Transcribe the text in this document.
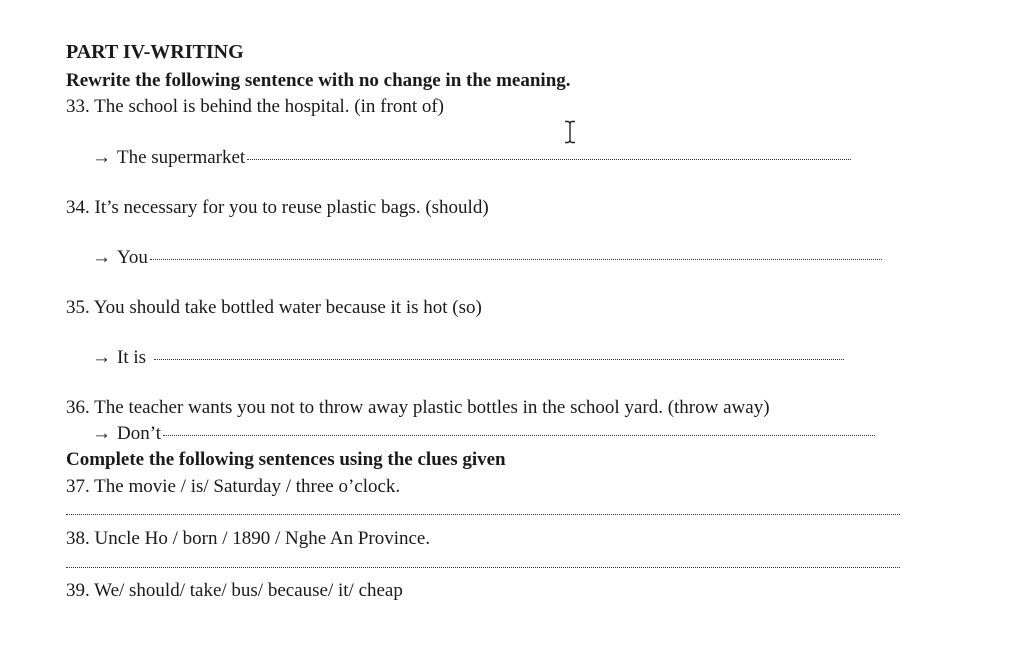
PART IV-WRITING
Rewrite the following sentence with no change in the meaning.
33. The school is behind the hospital. (in front of)
→ The supermarket
34. It’s necessary for you to reuse plastic bags. (should)
→ You
35. You should take bottled water because it is hot (so)
→ It is
36. The teacher wants you not to throw away plastic bottles in the school yard. (throw away)
→ Don’t
Complete the following sentences using the clues given
37. The movie / is/ Saturday / three o’clock.
38. Uncle Ho / born / 1890 / Nghe An Province.
39. We/ should/ take/ bus/ because/ it/ cheap
